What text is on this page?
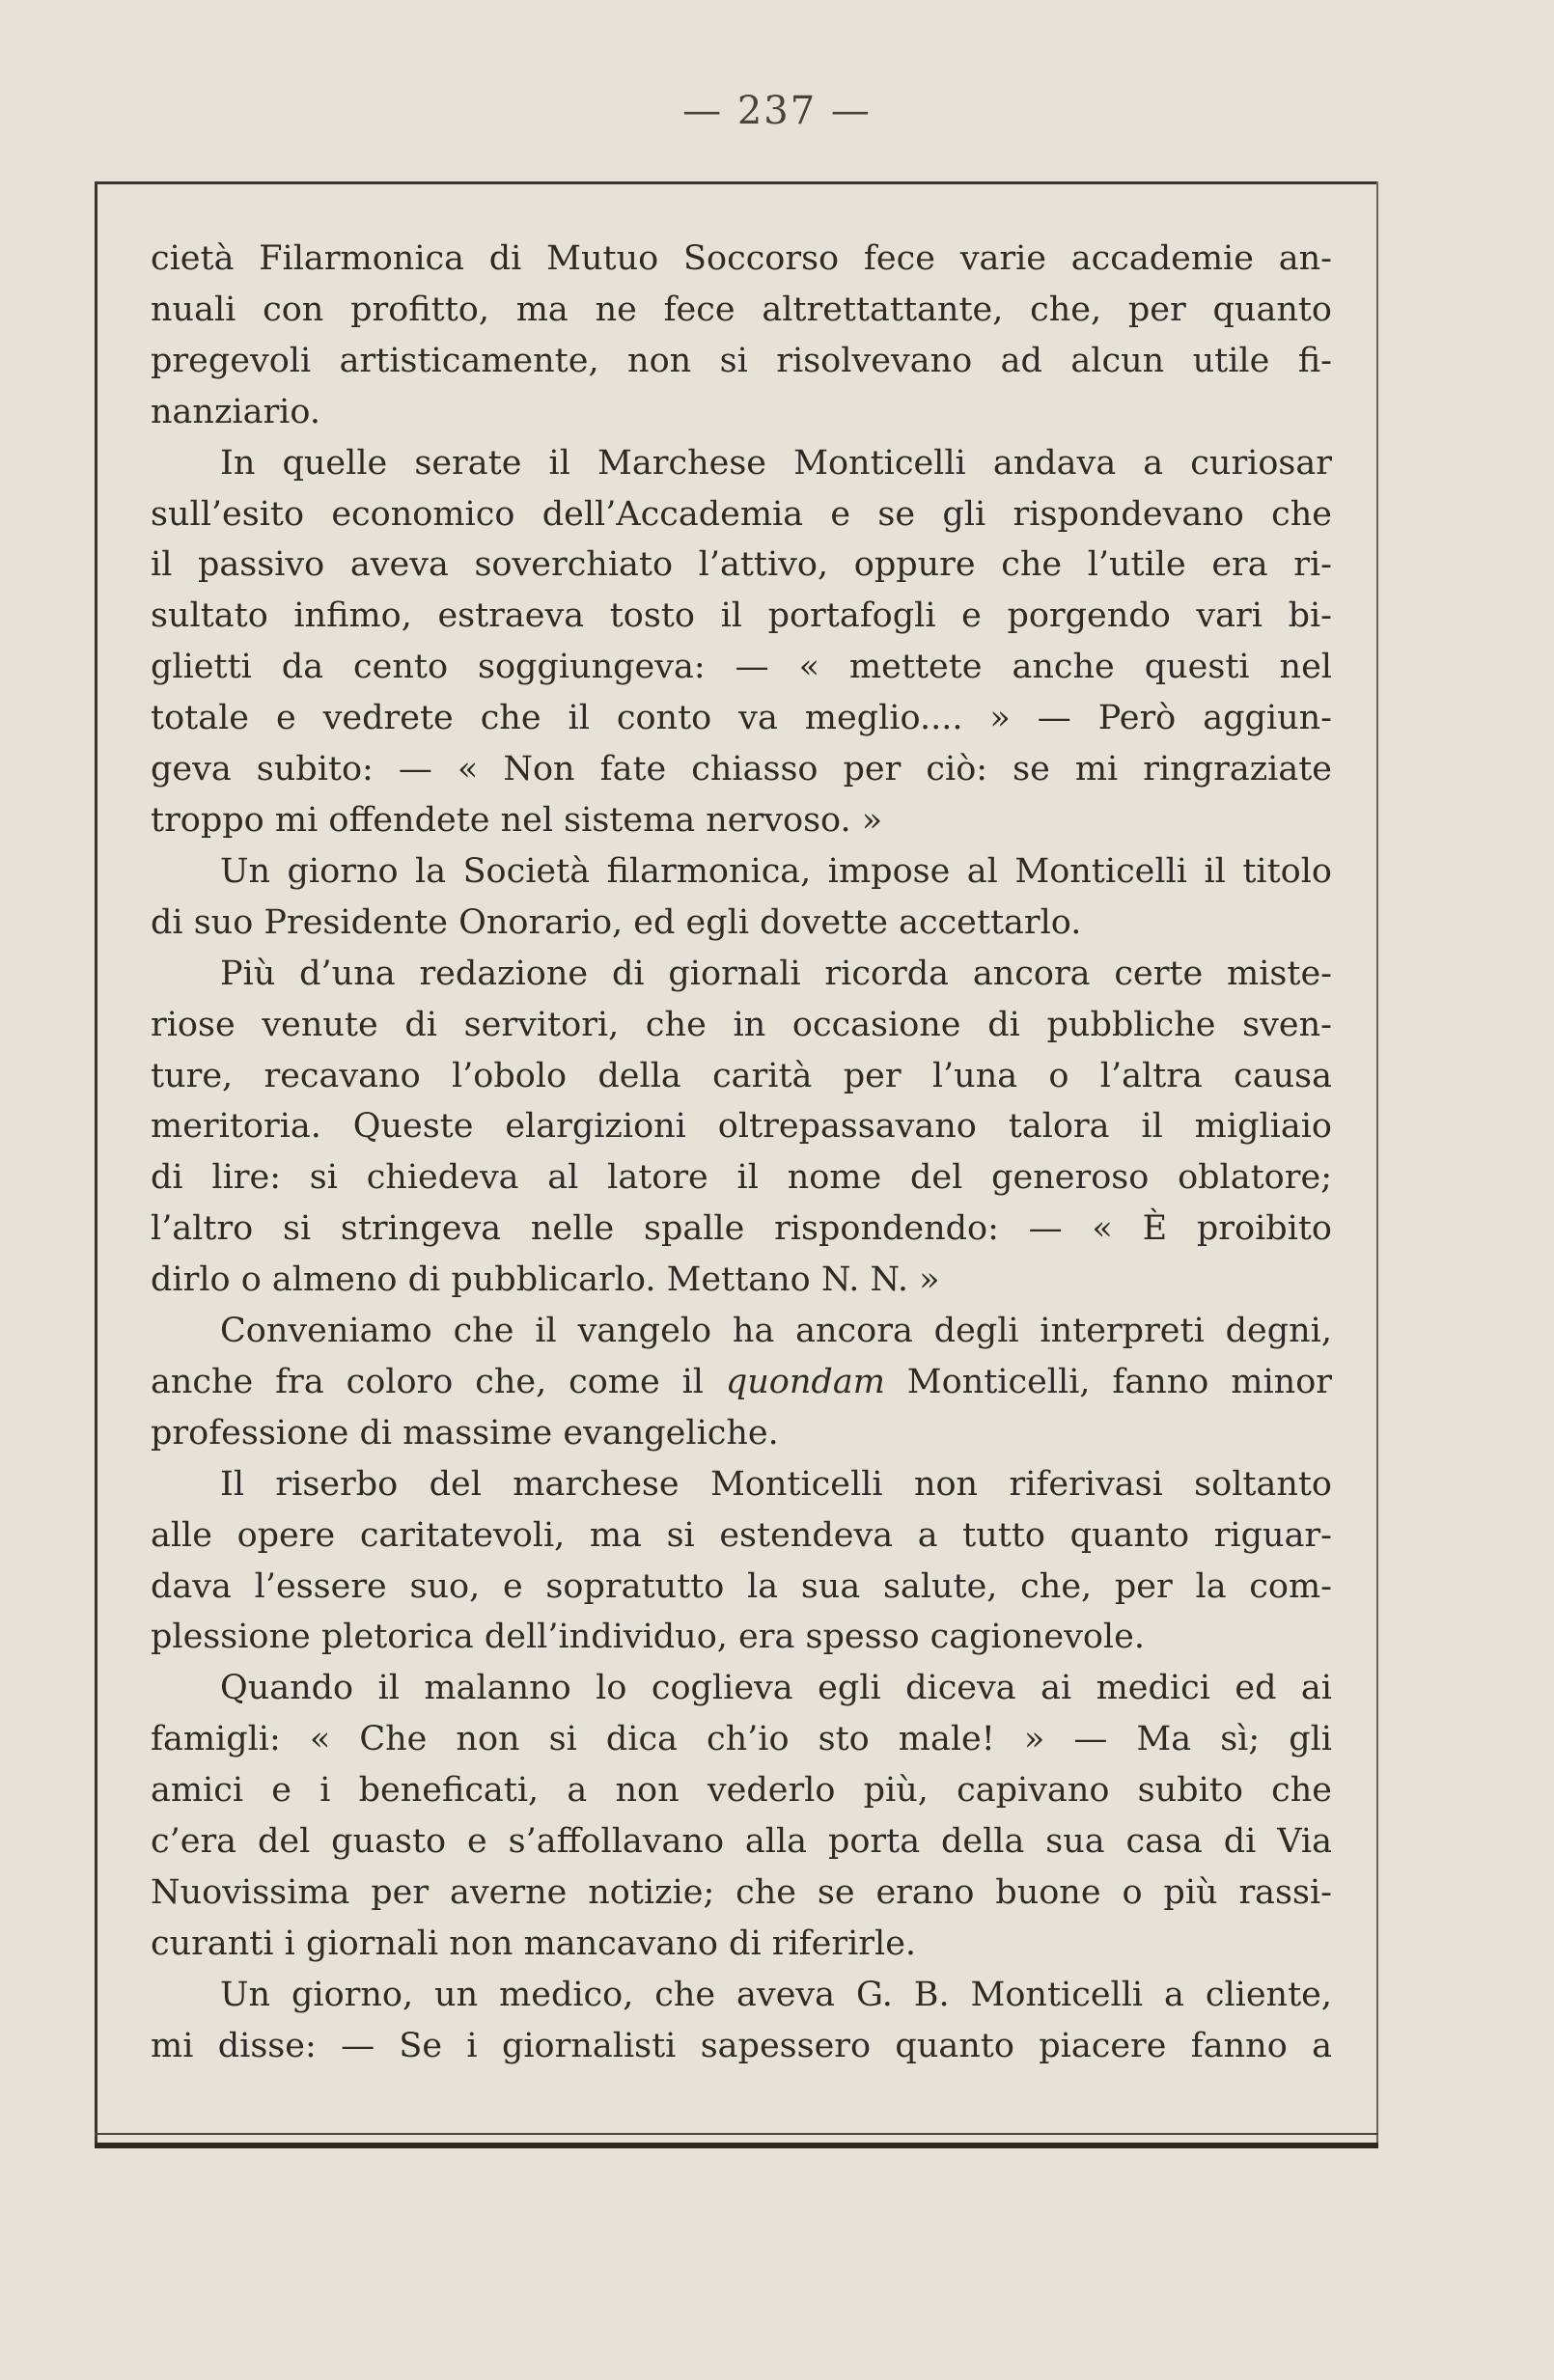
— 237 —
cietà Filarmonica di Mutuo Soccorso fece varie accademie an-
nuali con profitto, ma ne fece altrettattante, che, per quanto
pregevoli artisticamente, non si risolvevano ad alcun utile fi-
nanziario.
In quelle serate il Marchese Monticelli andava a curiosar
sull’esito economico dell’Accademia e se gli rispondevano che
il passivo aveva soverchiato l’attivo, oppure che l’utile era ri-
sultato infimo, estraeva tosto il portafogli e porgendo vari bi-
glietti da cento soggiungeva: — « mettete anche questi nel
totale e vedrete che il conto va meglio.... » — Però aggiun-
geva subito: — « Non fate chiasso per ciò: se mi ringraziate
troppo mi offendete nel sistema nervoso. »
Un giorno la Società filarmonica, impose al Monticelli il titolo
di suo Presidente Onorario, ed egli dovette accettarlo.
Più d’una redazione di giornali ricorda ancora certe miste-
riose venute di servitori, che in occasione di pubbliche sven-
ture, recavano l’obolo della carità per l’una o l’altra causa
meritoria. Queste elargizioni oltrepassavano talora il migliaio
di lire: si chiedeva al latore il nome del generoso oblatore;
l’altro si stringeva nelle spalle rispondendo: — « È proibito
dirlo o almeno di pubblicarlo. Mettano N. N. »
Conveniamo che il vangelo ha ancora degli interpreti degni,
anche fra coloro che, come il quondam Monticelli, fanno minor
professione di massime evangeliche.
Il riserbo del marchese Monticelli non riferivasi soltanto
alle opere caritatevoli, ma si estendeva a tutto quanto riguar-
dava l’essere suo, e sopratutto la sua salute, che, per la com-
plessione pletorica dell’individuo, era spesso cagionevole.
Quando il malanno lo coglieva egli diceva ai medici ed ai
famigli: « Che non si dica ch’io sto male! » — Ma sì; gli
amici e i beneficati, a non vederlo più, capivano subito che
c’era del guasto e s’affollavano alla porta della sua casa di Via
Nuovissima per averne notizie; che se erano buone o più rassi-
curanti i giornali non mancavano di riferirle.
Un giorno, un medico, che aveva G. B. Monticelli a cliente,
mi disse: — Se i giornalisti sapessero quanto piacere fanno a
